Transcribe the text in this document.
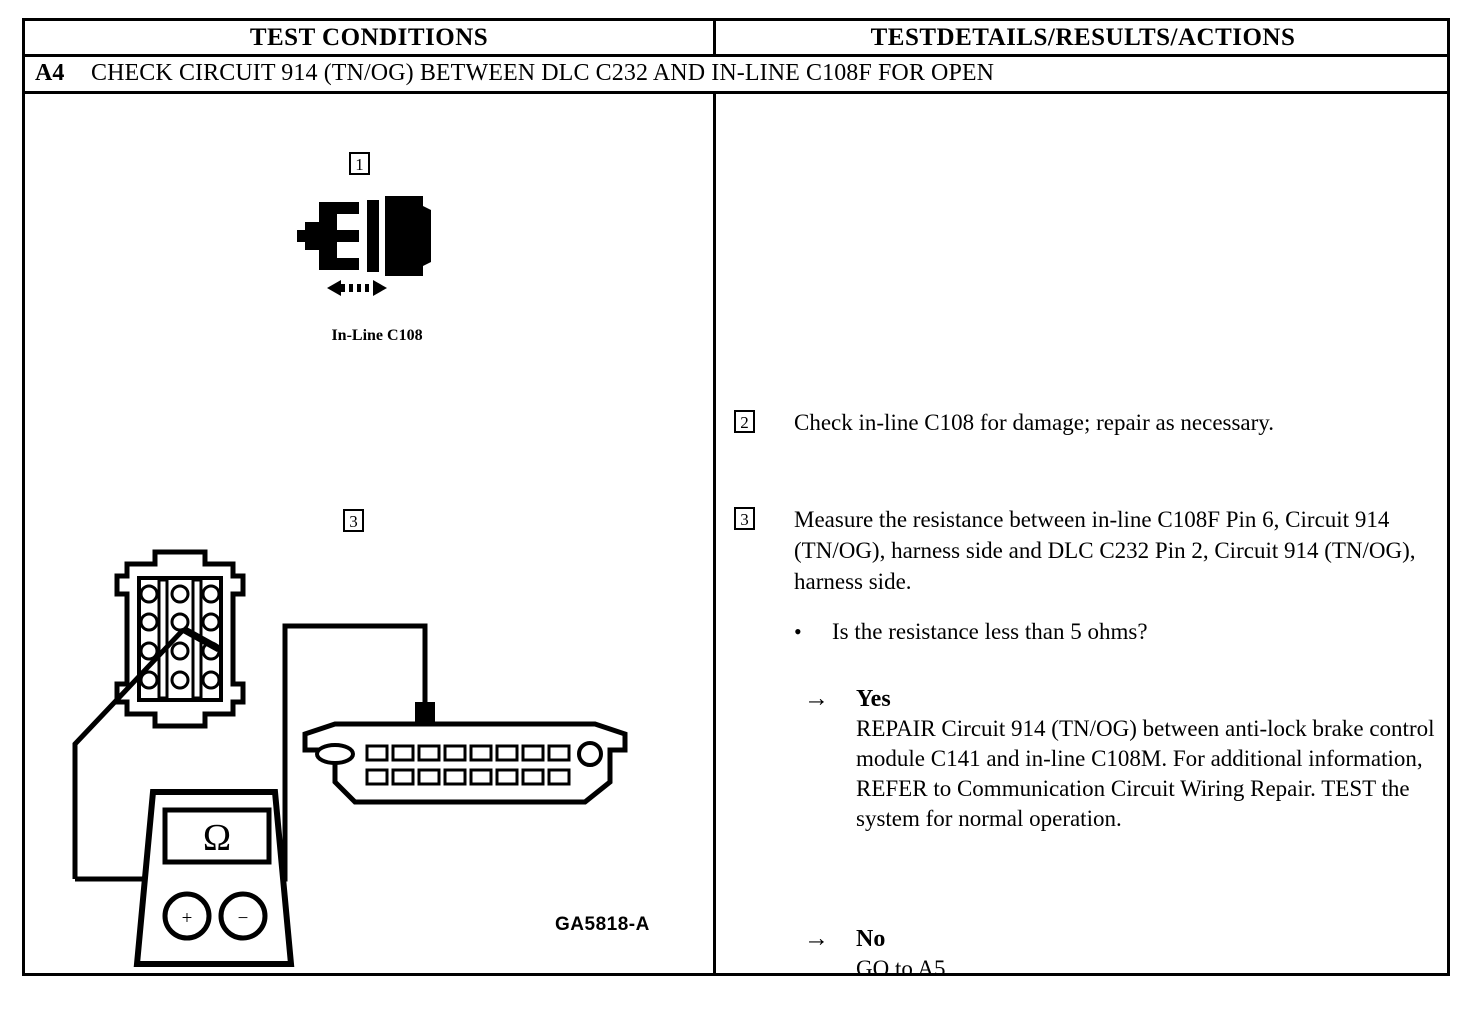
TEST CONDITIONS	TESTDETAILS/RESULTS/ACTIONS
A4 CHECK CIRCUIT 914 (TN/OG) BETWEEN DLC C232 AND IN-LINE C108F FOR OPEN
1
In-Line C108
3
Ω
+ −	GA5818-A
2 Check in-line C108 for damage; repair as necessary.
3 Measure the resistance between in-line C108F Pin 6, Circuit 914 (TN/OG), harness side and DLC C232 Pin 2, Circuit 914 (TN/OG), harness side.
• Is the resistance less than 5 ohms?
→ Yes
REPAIR Circuit 914 (TN/OG) between anti-lock brake control module C141 and in-line C108M. For additional information, REFER to Communication Circuit Wiring Repair. TEST the system for normal operation.
→ No
GO to A5.
